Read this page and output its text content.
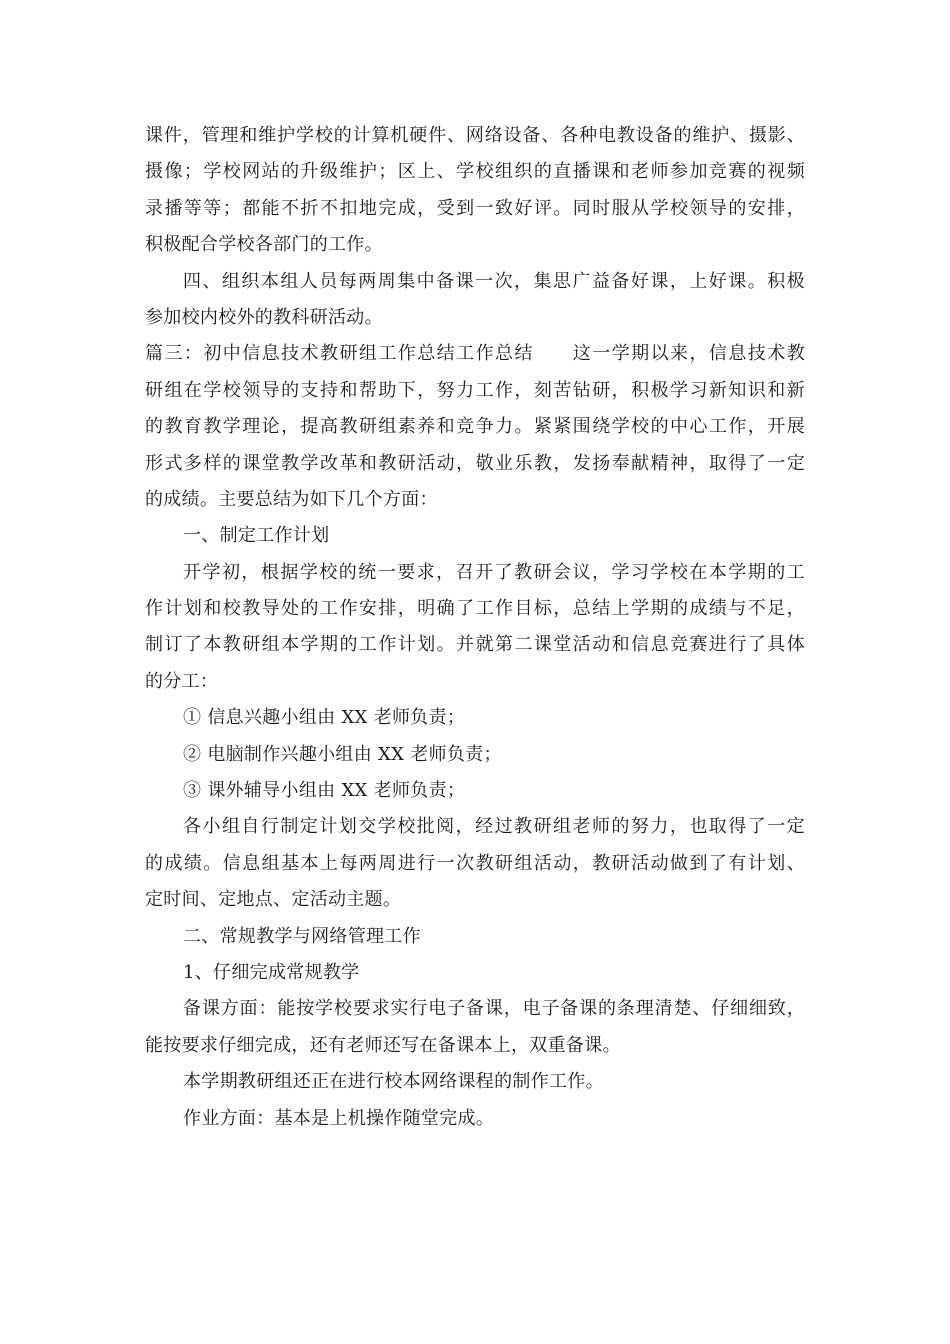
课件，管理和维护学校的计算机硬件、网络设备、各种电教设备的维护、摄影、
摄像；学校网站的升级维护；区上、学校组织的直播课和老师参加竞赛的视频
录播等等；都能不折不扣地完成，受到一致好评。同时服从学校领导的安排，
积极配合学校各部门的工作。
四、组织本组人员每两周集中备课一次，集思广益备好课，上好课。积极
参加校内校外的教科研活动。
篇三：初中信息技术教研组工作总结工作总结　　这一学期以来，信息技术教
研组在学校领导的支持和帮助下，努力工作，刻苦钻研，积极学习新知识和新
的教育教学理论，提高教研组素养和竞争力。紧紧围绕学校的中心工作，开展
形式多样的课堂教学改革和教研活动，敬业乐教，发扬奉献精神，取得了一定
的成绩。主要总结为如下几个方面：
一、制定工作计划
开学初，根据学校的统一要求，召开了教研会议，学习学校在本学期的工
作计划和校教导处的工作安排，明确了工作目标，总结上学期的成绩与不足，
制订了本教研组本学期的工作计划。并就第二课堂活动和信息竞赛进行了具体
的分工：
① 信息兴趣小组由 XX 老师负责；
② 电脑制作兴趣小组由 XX 老师负责；
③ 课外辅导小组由 XX 老师负责；
各小组自行制定计划交学校批阅，经过教研组老师的努力，也取得了一定
的成绩。信息组基本上每两周进行一次教研组活动，教研活动做到了有计划、
定时间、定地点、定活动主题。
二、常规教学与网络管理工作
1、仔细完成常规教学
备课方面：能按学校要求实行电子备课，电子备课的条理清楚、仔细细致，
能按要求仔细完成，还有老师还写在备课本上，双重备课。
本学期教研组还正在进行校本网络课程的制作工作。
作业方面：基本是上机操作随堂完成。
